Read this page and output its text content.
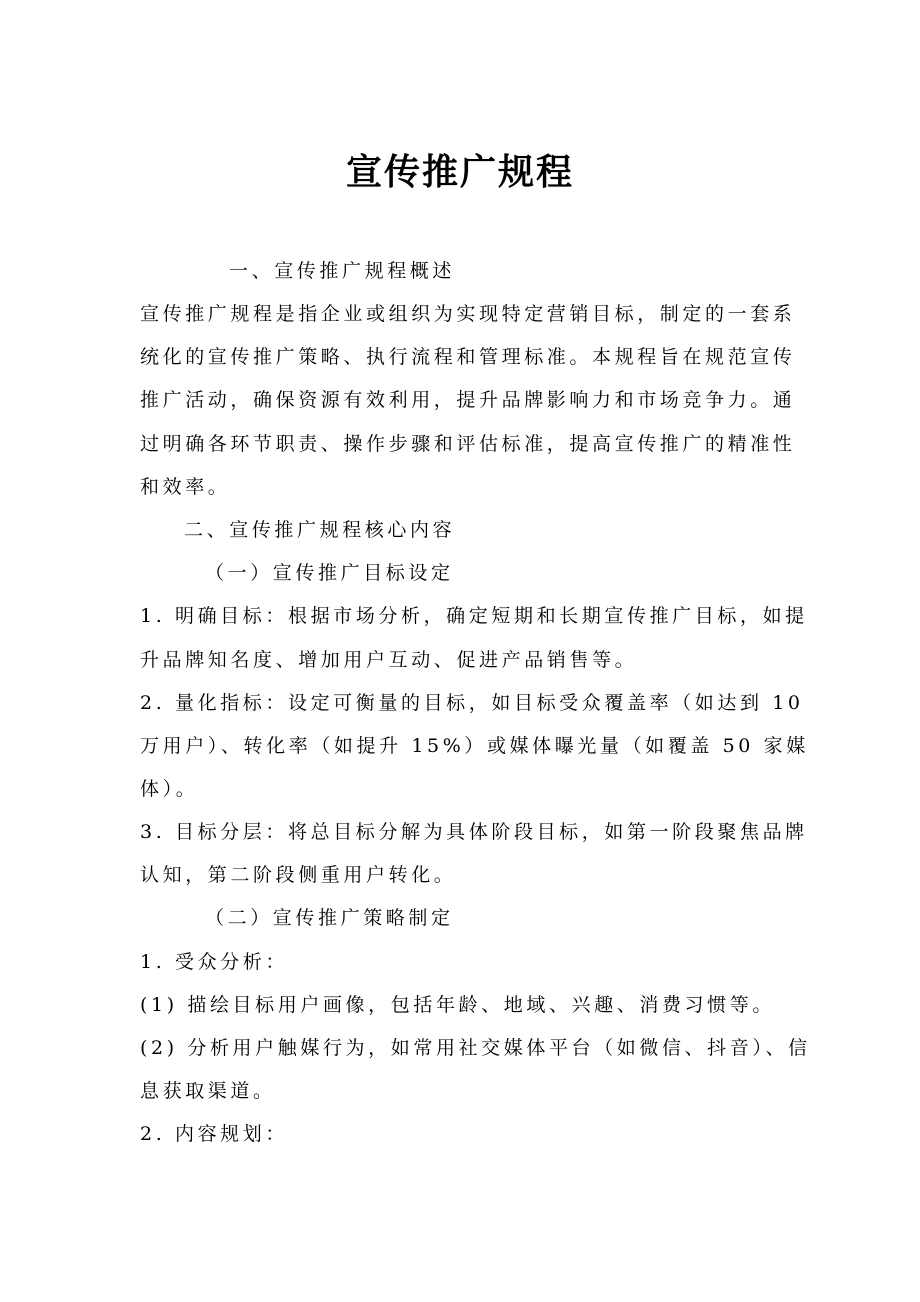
宣传推广规程
一、宣传推广规程概述
宣传推广规程是指企业或组织为实现特定营销目标，制定的一套系
统化的宣传推广策略、执行流程和管理标准。本规程旨在规范宣传
推广活动，确保资源有效利用，提升品牌影响力和市场竞争力。通
过明确各环节职责、操作步骤和评估标准，提高宣传推广的精准性
和效率。
二、宣传推广规程核心内容
（一）宣传推广目标设定
1. 明确目标：根据市场分析，确定短期和长期宣传推广目标，如提
升品牌知名度、增加用户互动、促进产品销售等。
2. 量化指标：设定可衡量的目标，如目标受众覆盖率（如达到 10
万用户）、转化率（如提升 15%）或媒体曝光量（如覆盖 50 家媒
体）。
3. 目标分层：将总目标分解为具体阶段目标，如第一阶段聚焦品牌
认知，第二阶段侧重用户转化。
（二）宣传推广策略制定
1. 受众分析：
(1) 描绘目标用户画像，包括年龄、地域、兴趣、消费习惯等。
(2) 分析用户触媒行为，如常用社交媒体平台（如微信、抖音）、信
息获取渠道。
2. 内容规划：
